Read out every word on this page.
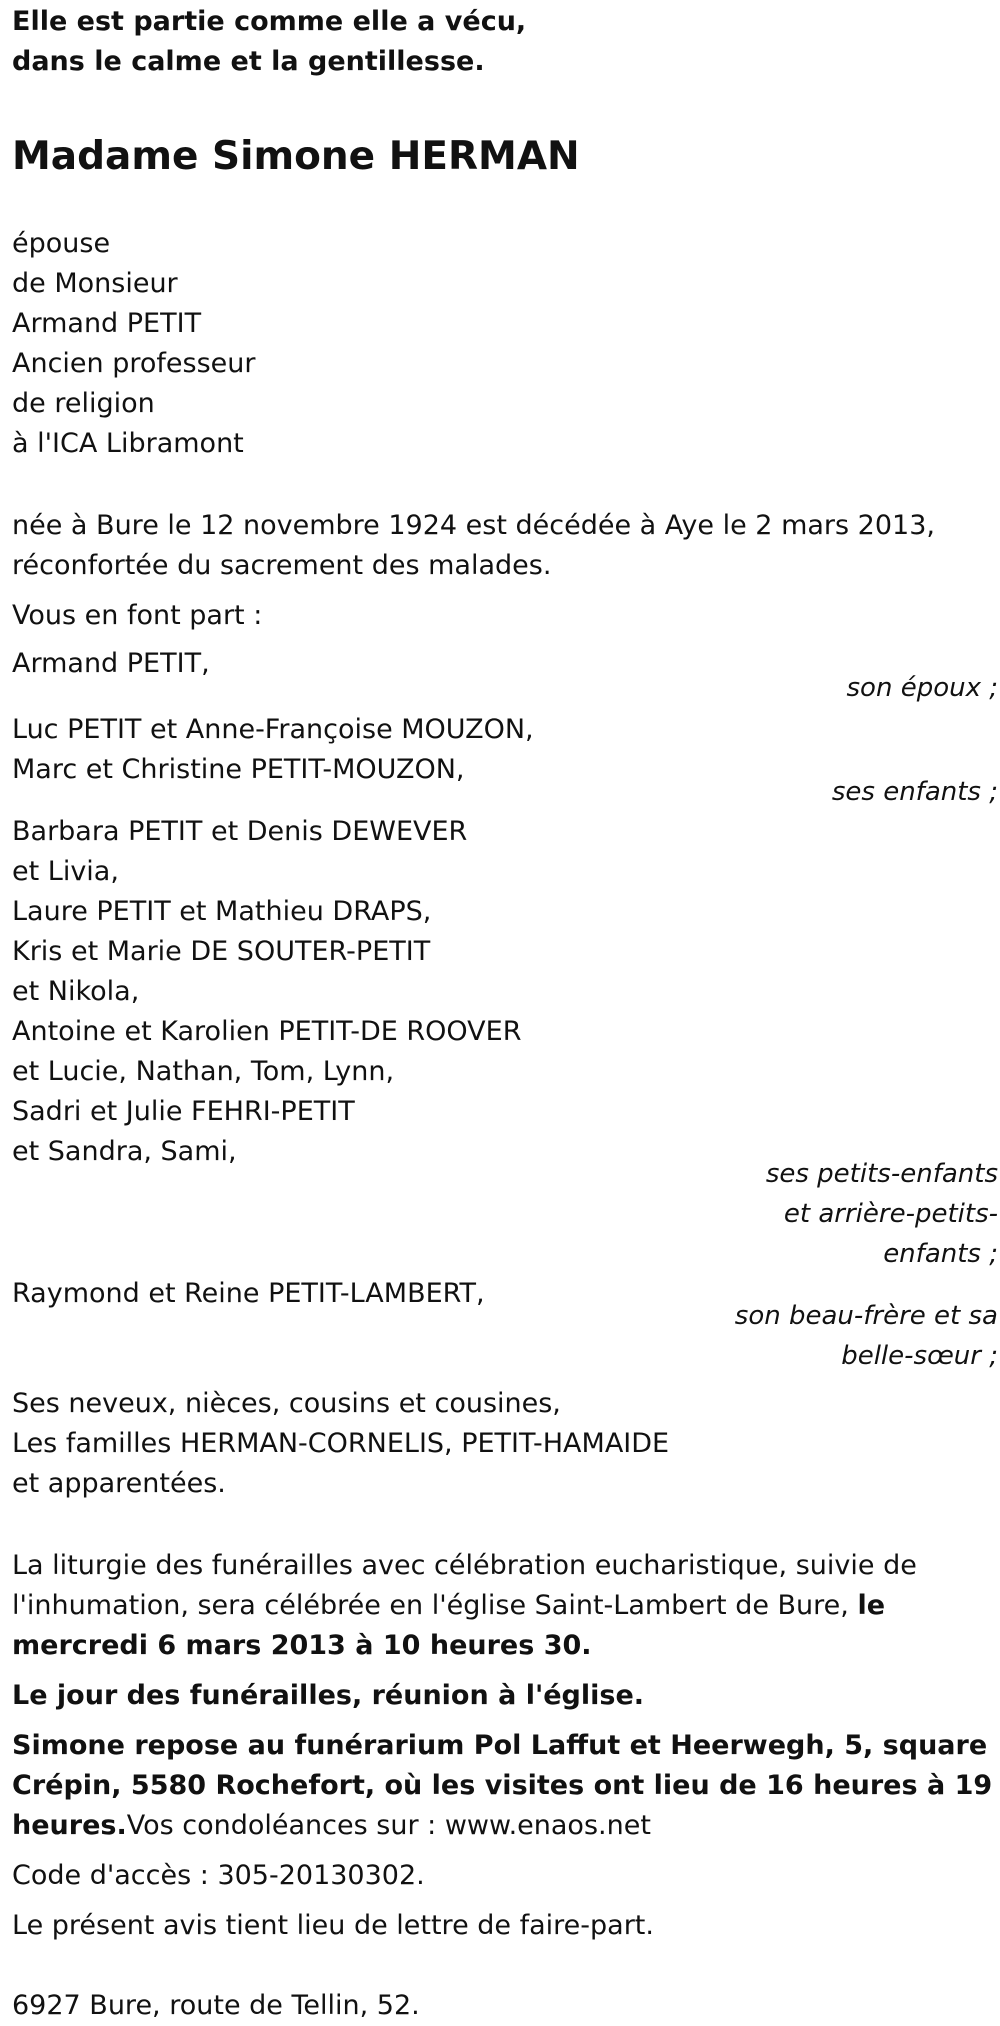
Elle est partie comme elle a vécu,
dans le calme et la gentillesse.
Madame Simone HERMAN
épouse
de Monsieur
Armand PETIT
Ancien professeur
de religion
à l'ICA Libramont
née à Bure le 12 novembre 1924 est décédée à Aye le 2 mars 2013,
réconfortée du sacrement des malades.
Vous en font part :
Armand PETIT,
son époux ;
Luc PETIT et Anne-Françoise MOUZON,
Marc et Christine PETIT-MOUZON,
ses enfants ;
Barbara PETIT et Denis DEWEVER
et Livia,
Laure PETIT et Mathieu DRAPS,
Kris et Marie DE SOUTER-PETIT
et Nikola,
Antoine et Karolien PETIT-DE ROOVER
et Lucie, Nathan, Tom, Lynn,
Sadri et Julie FEHRI-PETIT
et Sandra, Sami,
ses petits-enfants
et arrière-petits-
enfants ;
Raymond et Reine PETIT-LAMBERT,
son beau-frère et sa
belle-sœur ;
Ses neveux, nièces, cousins et cousines,
Les familles HERMAN-CORNELIS, PETIT-HAMAIDE
et apparentées.
La liturgie des funérailles avec célébration eucharistique, suivie de
l'inhumation, sera célébrée en l'église Saint-Lambert de Bure, le
mercredi 6 mars 2013 à 10 heures 30.
Le jour des funérailles, réunion à l'église.
Simone repose au funérarium Pol Laffut et Heerwegh, 5, square
Crépin, 5580 Rochefort, où les visites ont lieu de 16 heures à 19
heures.Vos condoléances sur : www.enaos.net
Code d'accès : 305-20130302.
Le présent avis tient lieu de lettre de faire-part.
6927 Bure, route de Tellin, 52.
